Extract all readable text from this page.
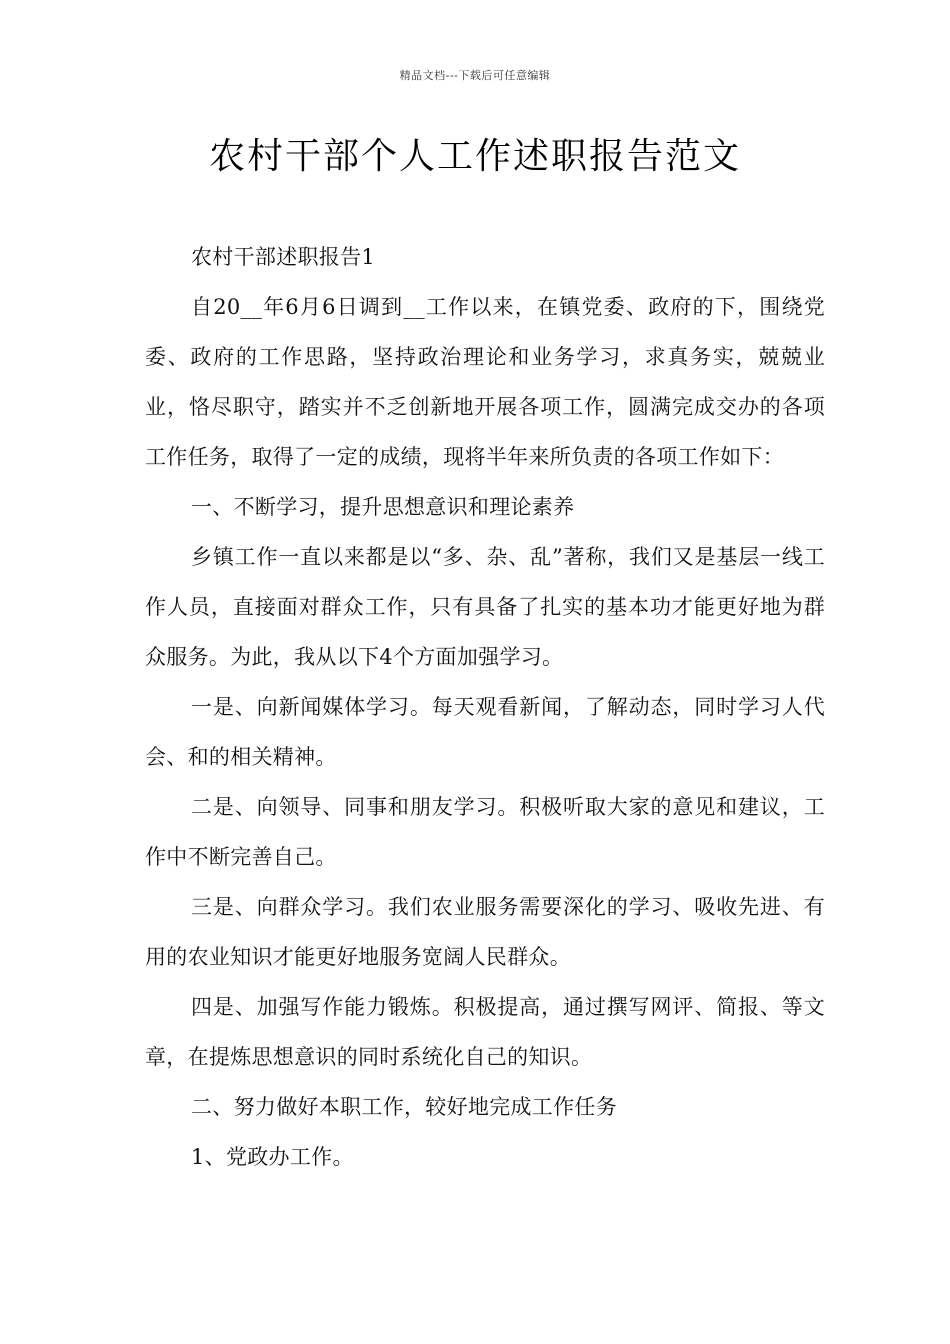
精品文档---下载后可任意编辑
农村干部个人工作述职报告范文

农村干部述职报告1

自20__年6月6日调到__工作以来，在镇党委、政府的下，围绕党委、政府的工作思路，坚持政治理论和业务学习，求真务实，兢兢业业，恪尽职守，踏实并不乏创新地开展各项工作，圆满完成交办的各项工作任务，取得了一定的成绩，现将半年来所负责的各项工作如下：

一、不断学习，提升思想意识和理论素养

乡镇工作一直以来都是以“多、杂、乱”著称，我们又是基层一线工作人员，直接面对群众工作，只有具备了扎实的基本功才能更好地为群众服务。为此，我从以下4个方面加强学习。

一是、向新闻媒体学习。每天观看新闻，了解动态，同时学习人代会、和的相关精神。

二是、向领导、同事和朋友学习。积极听取大家的意见和建议，工作中不断完善自己。

三是、向群众学习。我们农业服务需要深化的学习、吸收先进、有用的农业知识才能更好地服务宽阔人民群众。

四是、加强写作能力锻炼。积极提高，通过撰写网评、简报、等文章，在提炼思想意识的同时系统化自己的知识。

二、努力做好本职工作，较好地完成工作任务

1、党政办工作。
